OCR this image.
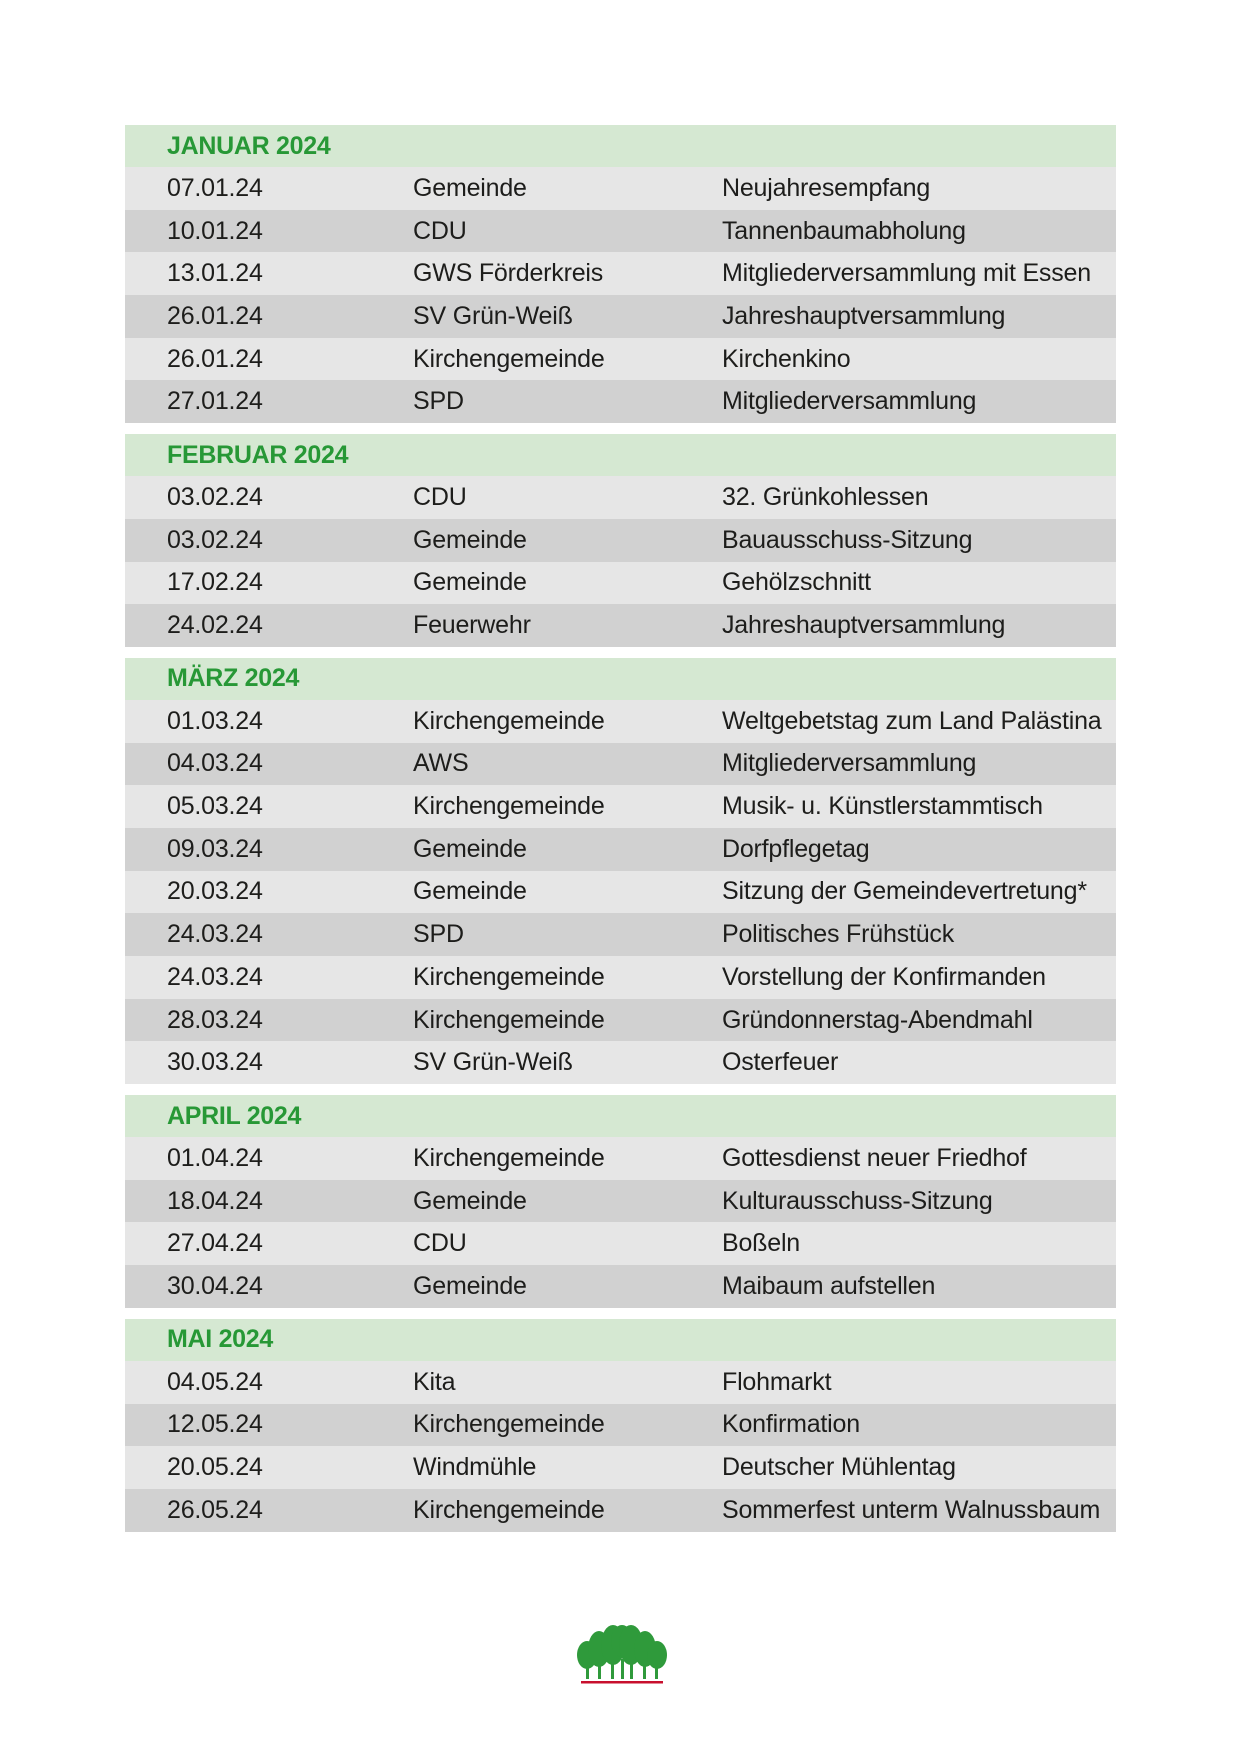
JANUAR 2024
07.01.24	Gemeinde	Neujahresempfang
10.01.24	CDU	Tannenbaumabholung
13.01.24	GWS Förderkreis	Mitgliederversammlung mit Essen
26.01.24	SV Grün-Weiß	Jahreshauptversammlung
26.01.24	Kirchengemeinde	Kirchenkino
27.01.24	SPD	Mitgliederversammlung
FEBRUAR 2024
03.02.24	CDU	32. Grünkohlessen
03.02.24	Gemeinde	Bauausschuss-Sitzung
17.02.24	Gemeinde	Gehölzschnitt
24.02.24	Feuerwehr	Jahreshauptversammlung
MÄRZ 2024
01.03.24	Kirchengemeinde	Weltgebetstag zum Land Palästina
04.03.24	AWS	Mitgliederversammlung
05.03.24	Kirchengemeinde	Musik- u. Künstlerstammtisch
09.03.24	Gemeinde	Dorfpflegetag
20.03.24	Gemeinde	Sitzung der Gemeindevertretung*
24.03.24	SPD	Politisches Frühstück
24.03.24	Kirchengemeinde	Vorstellung der Konfirmanden
28.03.24	Kirchengemeinde	Gründonnerstag-Abendmahl
30.03.24	SV Grün-Weiß	Osterfeuer
APRIL 2024
01.04.24	Kirchengemeinde	Gottesdienst neuer Friedhof
18.04.24	Gemeinde	Kulturausschuss-Sitzung
27.04.24	CDU	Boßeln
30.04.24	Gemeinde	Maibaum aufstellen
MAI 2024
04.05.24	Kita	Flohmarkt
12.05.24	Kirchengemeinde	Konfirmation
20.05.24	Windmühle	Deutscher Mühlentag
26.05.24	Kirchengemeinde	Sommerfest unterm Walnussbaum
